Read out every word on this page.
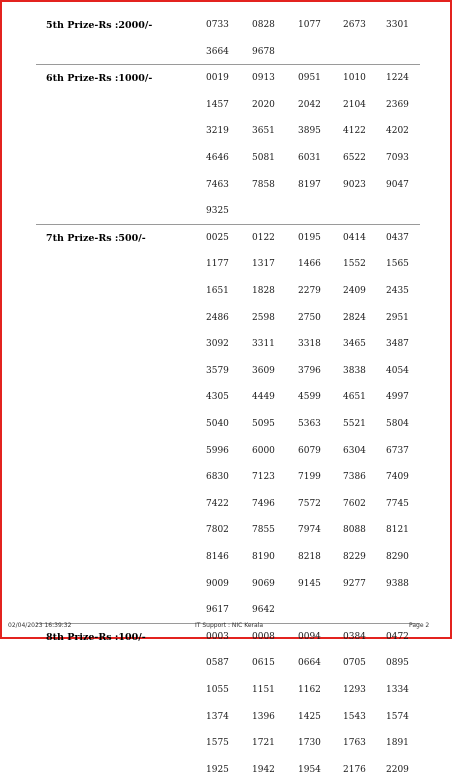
5th Prize-Rs :2000/-	0733	0828	1077	2673	3301
3664	9678
6th Prize-Rs :1000/-	0019	0913	0951	1010	1224
1457	2020	2042	2104	2369
3219	3651	3895	4122	4202
4646	5081	6031	6522	7093
7463	7858	8197	9023	9047
9325
7th Prize-Rs :500/-	0025	0122	0195	0414	0437
1177	1317	1466	1552	1565
1651	1828	2279	2409	2435
2486	2598	2750	2824	2951
3092	3311	3318	3465	3487
3579	3609	3796	3838	4054
4305	4449	4599	4651	4997
5040	5095	5363	5521	5804
5996	6000	6079	6304	6737
6830	7123	7199	7386	7409
7422	7496	7572	7602	7745
7802	7855	7974	8088	8121
8146	8190	8218	8229	8290
9009	9069	9145	9277	9388
9617	9642
8th Prize-Rs :100/-	0003	0008	0094	0384	0472
0587	0615	0664	0705	0895
1055	1151	1162	1293	1334
1374	1396	1425	1543	1574
1575	1721	1730	1763	1891
1925	1942	1954	2176	2209
02/04/2023 16:39:32	IT Support : NIC Kerala	Page 2
